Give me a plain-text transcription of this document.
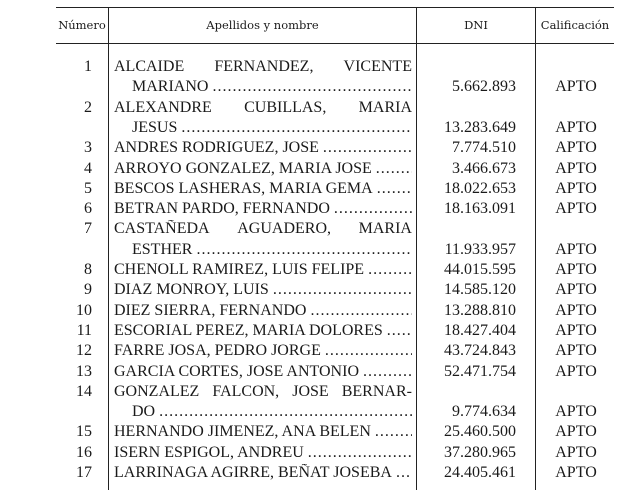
Número	Apellidos y nombre	DNI	Calificación
1 ALCAIDE FERNANDEZ, VICENTE
MARIANO .....	5.662.893	APTO
2 ALEXANDRE CUBILLAS, MARIA
JESUS .....	13.283.649	APTO
3 ANDRES RODRIGUEZ, JOSE .....	7.774.510	APTO
4 ARROYO GONZALEZ, MARIA JOSE .....	3.466.673	APTO
5 BESCOS LASHERAS, MARIA GEMA .....	18.022.653	APTO
6 BETRAN PARDO, FERNANDO .....	18.163.091	APTO
7 CASTAÑEDA AGUADERO, MARIA
ESTHER .....	11.933.957	APTO
8 CHENOLL RAMIREZ, LUIS FELIPE .....	44.015.595	APTO
9 DIAZ MONROY, LUIS .....	14.585.120	APTO
10 DIEZ SIERRA, FERNANDO .....	13.288.810	APTO
11 ESCORIAL PEREZ, MARIA DOLORES .....	18.427.404	APTO
12 FARRE JOSA, PEDRO JORGE .....	43.724.843	APTO
13 GARCIA CORTES, JOSE ANTONIO .....	52.471.754	APTO
14 GONZALEZ FALCON, JOSE BERNAR-
DO .....	9.774.634	APTO
15 HERNANDO JIMENEZ, ANA BELEN .....	25.460.500	APTO
16 ISERN ESPIGOL, ANDREU .....	37.280.965	APTO
17 LARRINAGA AGIRRE, BEÑAT JOSEBA .....	24.405.461	APTO
